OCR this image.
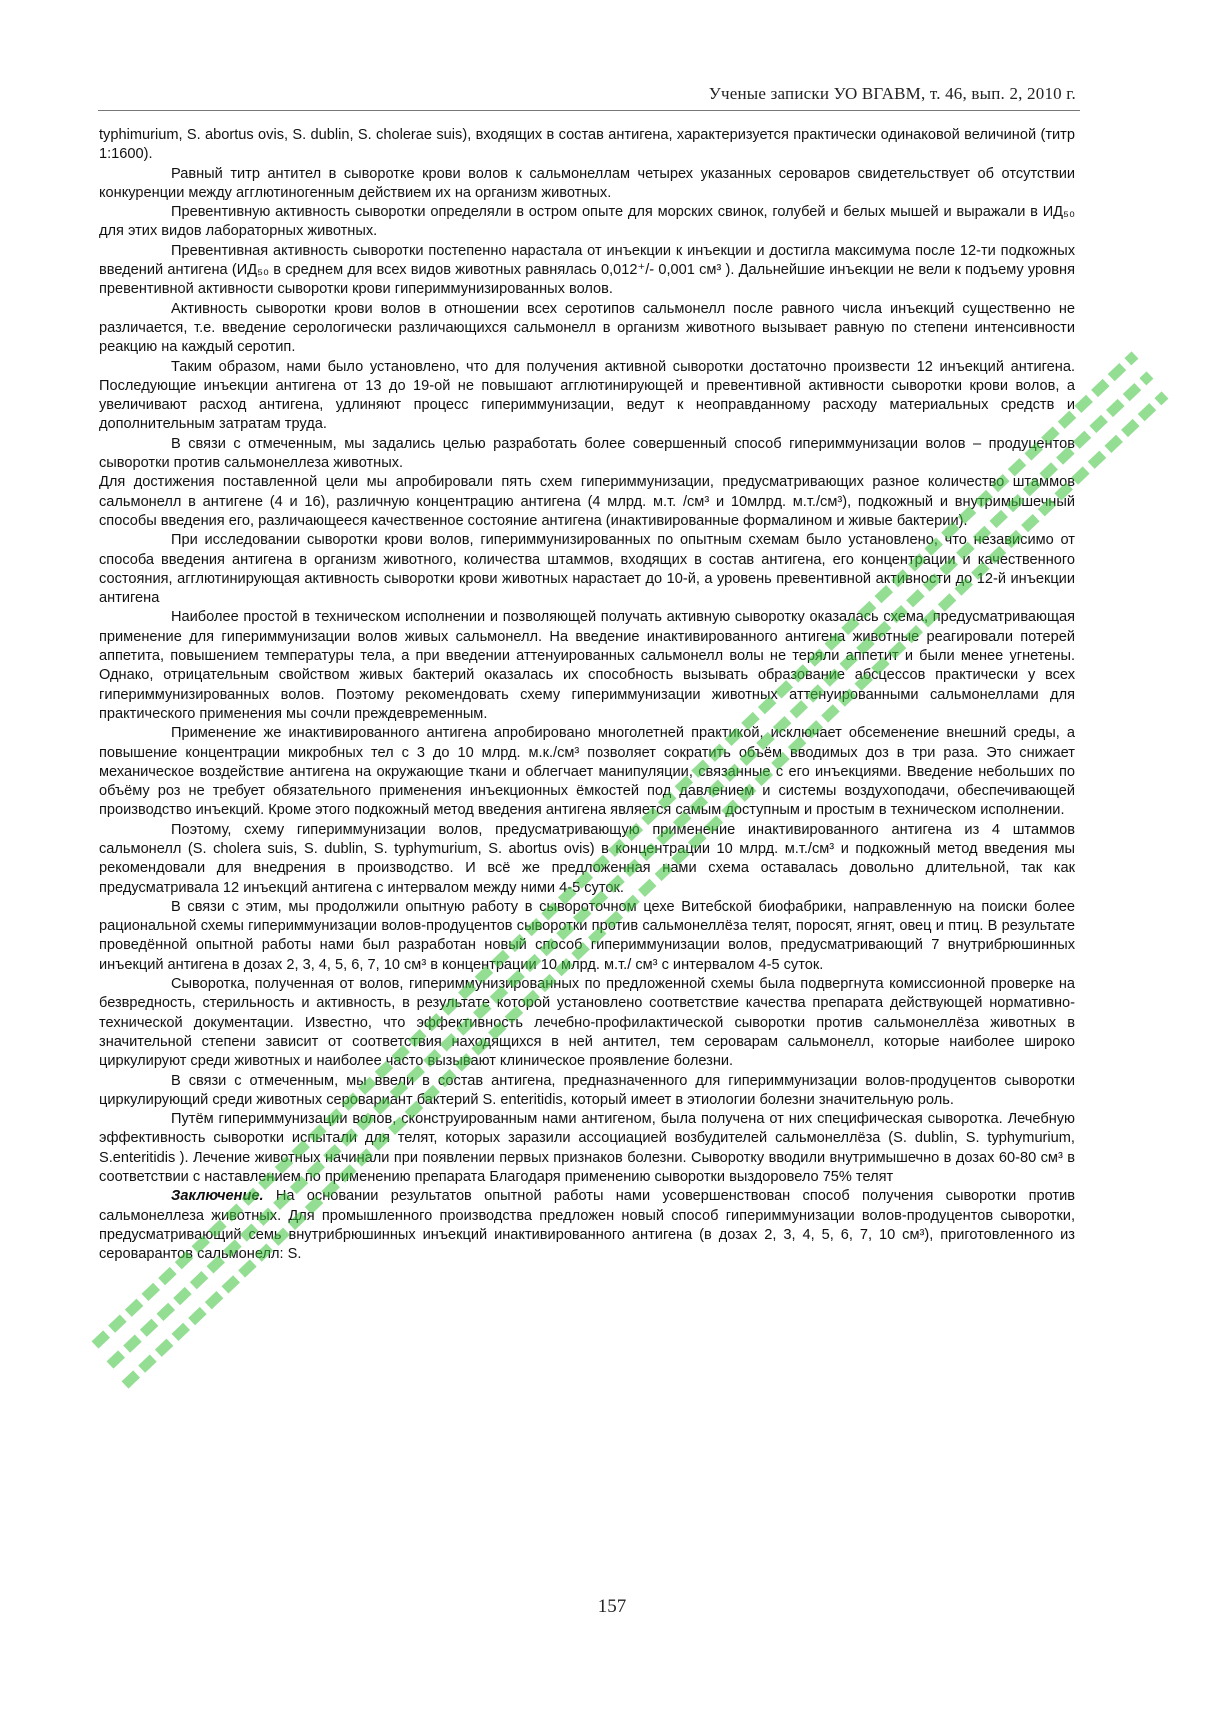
Ученые записки УО ВГАВМ, т. 46, вып. 2, 2010 г.

typhimurium, S. abortus ovis, S. dublin, S. cholerae suis), входящих в состав антигена, характеризуется практически одинаковой величиной (титр 1:1600).

Равный титр антител в сыворотке крови волов к сальмонеллам четырех указанных сероваров свидетельствует об отсутствии конкуренции между агглютиногенным действием их на организм животных.

Превентивную активность сыворотки определяли в остром опыте для морских свинок, голубей и белых мышей и выражали в ИД₅₀ для этих видов лабораторных животных.

Превентивная активность сыворотки постепенно нарастала от инъекции к инъекции и достигла максимума после 12-ти подкожных введений антигена (ИД₅₀ в среднем для всех видов животных равнялась 0,012⁺/- 0,001 см³ ). Дальнейшие инъекции не вели к подъему уровня превентивной активности сыворотки крови гипериммунизированных волов.

Активность сыворотки крови волов в отношении всех серотипов сальмонелл после равного числа инъекций существенно не различается, т.е. введение серологически различающихся сальмонелл в организм животного вызывает равную по степени интенсивности реакцию на каждый серотип.

Таким образом, нами было установлено, что для получения активной сыворотки достаточно произвести 12 инъекций антигена. Последующие инъекции антигена от 13 до 19-ой не повышают агглютинирующей и превентивной активности сыворотки крови волов, а увеличивают расход антигена, удлиняют процесс гипериммунизации, ведут к неоправданному расходу материальных средств и дополнительным затратам труда.

В связи с отмеченным, мы задались целью разработать более совершенный способ гипериммунизации волов – продуцентов сыворотки против сальмонеллеза животных.

Для достижения поставленной цели мы апробировали пять схем гипериммунизации, предусматривающих разное количество штаммов сальмонелл в антигене (4 и 16), различную концентрацию антигена (4 млрд. м.т. /см³ и 10млрд. м.т./см³), подкожный и внутримышечный способы введения его, различающееся качественное состояние антигена (инактивированные формалином и живые бактерии).

При исследовании сыворотки крови волов, гипериммунизированных по опытным схемам было установлено, что независимо от способа введения антигена в организм животного, количества штаммов, входящих в состав антигена, его концентрации и качественного состояния, агглютинирующая активность сыворотки крови животных нарастает до 10-й, а уровень превентивной активности до 12-й инъекции антигена

Наиболее простой в техническом исполнении и позволяющей получать активную сыворотку оказалась схема, предусматривающая применение для гипериммунизации волов живых сальмонелл. На введение инактивированного антигена животные реагировали потерей аппетита, повышением температуры тела, а при введении аттенуированных сальмонелл волы не теряли аппетит и были менее угнетены. Однако, отрицательным свойством живых бактерий оказалась их способность вызывать образование абсцессов практически у всех гипериммунизированных волов. Поэтому рекомендовать схему гипериммунизации животных аттенуированными сальмонеллами для практического применения мы сочли преждевременным.

Применение же инактивированного антигена апробировано многолетней практикой, исключает обсеменение внешний среды, а повышение концентрации микробных тел с 3 до 10 млрд. м.к./см³ позволяет сократить объём вводимых доз в три раза. Это снижает механическое воздействие антигена на окружающие ткани и облегчает манипуляции, связанные с его инъекциями. Введение небольших по объёму роз не требует обязательного применения инъекционных ёмкостей под давлением и системы воздухоподачи, обеспечивающей производство инъекций. Кроме этого подкожный метод введения антигена является самым доступным и простым в техническом исполнении.

Поэтому, схему гипериммунизации волов, предусматривающую применение инактивированного антигена из 4 штаммов сальмонелл (S. cholera suis, S. dublin, S. typhymurium, S. abortus ovis) в концентрации 10 млрд. м.т./см³ и подкожный метод введения мы рекомендовали для внедрения в производство. И всё же предложенная нами схема оставалась довольно длительной, так как предусматривала 12 инъекций антигена с интервалом между ними 4-5 суток.

В связи с этим, мы продолжили опытную работу в сывороточном цехе Витебской биофабрики, направленную на поиски более рациональной схемы гипериммунизации волов-продуцентов сыворотки против сальмонеллёза телят, поросят, ягнят, овец и птиц. В результате проведённой опытной работы нами был разработан новый способ гипериммунизации волов, предусматривающий 7 внутрибрюшинных инъекций антигена в дозах 2, 3, 4, 5, 6, 7, 10 см³ в концентрации 10 млрд. м.т./ см³ с интервалом 4-5 суток.

Сыворотка, полученная от волов, гипериммунизированных по предложенной схемы была подвергнута комиссионной проверке на безвредность, стерильность и активность, в результате которой установлено соответствие качества препарата действующей нормативно- технической документации. Известно, что эффективность лечебно-профилактической сыворотки против сальмонеллёза животных в значительной степени зависит от соответствия находящихся в ней антител, тем сероварам сальмонелл, которые наиболее широко циркулируют среди животных и наиболее часто вызывают клиническое проявление болезни.

В связи с отмеченным, мы ввели в состав антигена, предназначенного для гипериммунизации волов-продуцентов сыворотки циркулирующий среди животных серовариант бактерий S. enteritidis, который имеет в этиологии болезни значительную роль.

Путём гипериммунизации волов, сконструированным нами антигеном, была получена от них специфическая сыворотка. Лечебную эффективность сыворотки испытали для телят, которых заразили ассоциацией возбудителей сальмонеллёза (S. dublin, S. typhymurium, S.enteritidis ). Лечение животных начинали при появлении первых признаков болезни. Сыворотку вводили внутримышечно в дозах 60-80 см³ в соответствии с наставлением по применению препарата Благодаря применению сыворотки выздоровело 75% телят

Заключение. На основании результатов опытной работы нами усовершенствован способ получения сыворотки против сальмонеллеза животных. Для промышленного производства предложен новый способ гипериммунизации волов-продуцентов сыворотки, предусматривающий семь внутрибрюшинных инъекций инактивированного антигена (в дозах 2, 3, 4, 5, 6, 7, 10 см³), приготовленного из сероварантов сальмонелл: S.

157
